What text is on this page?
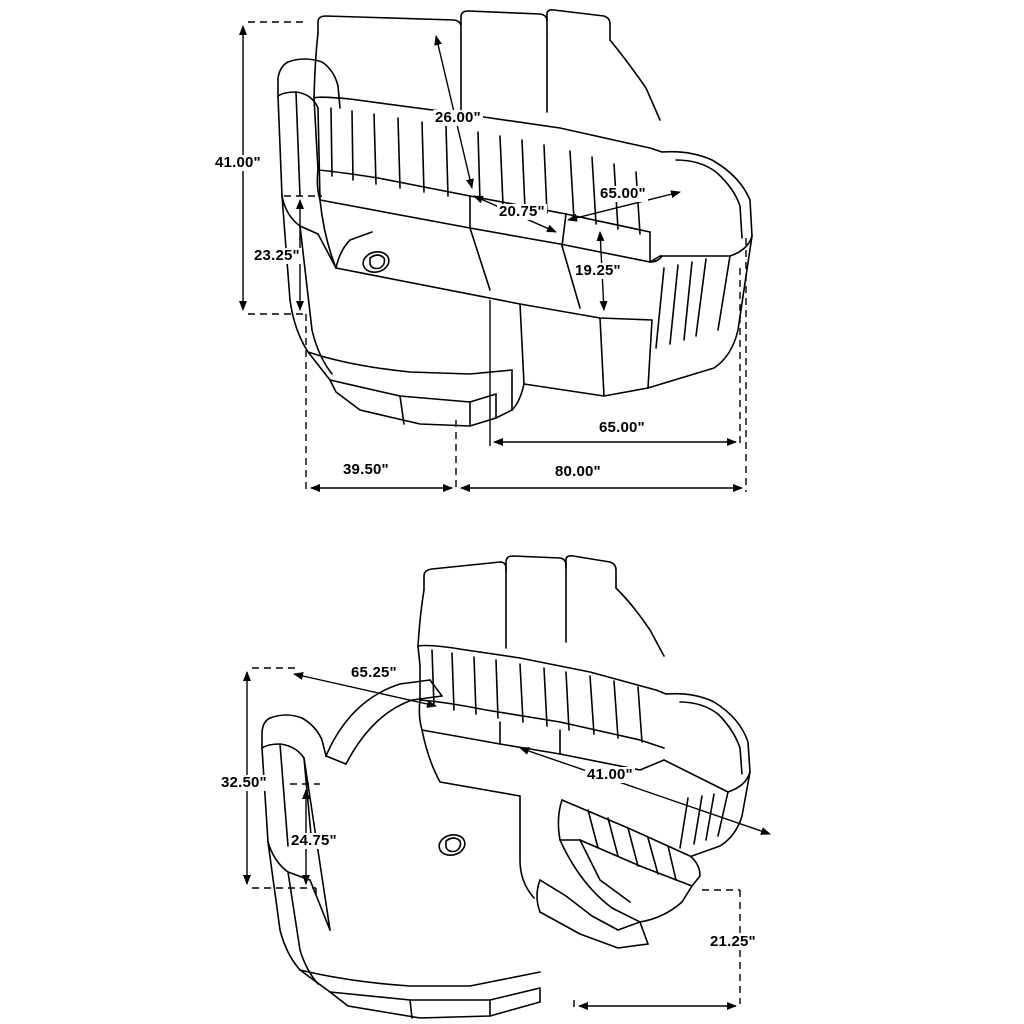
41.00"
26.00"
23.25"
20.75"
65.00"
19.25"
39.50"
65.00"
80.00"
65.25"
32.50"	41.00"
24.75"
21.25"
